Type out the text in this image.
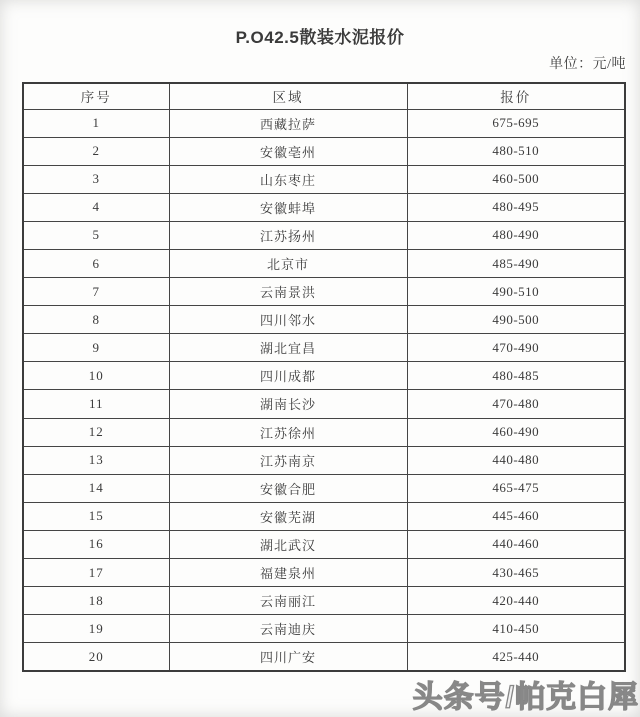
P.O42.5散装水泥报价
单位：元/吨
序号	区域	报价
1	西藏拉萨	675-695
2	安徽亳州	480-510
3	山东枣庄	460-500
4	安徽蚌埠	480-495
5	江苏扬州	480-490
6	北京市	485-490
7	云南景洪	490-510
8	四川邻水	490-500
9	湖北宜昌	470-490
10	四川成都	480-485
11	湖南长沙	470-480
12	江苏徐州	460-490
13	江苏南京	440-480
14	安徽合肥	465-475
15	安徽芜湖	445-460
16	湖北武汉	440-460
17	福建泉州	430-465
18	云南丽江	420-440
19	云南迪庆	410-450
20	四川广安	425-440
头条号/帕克白犀
